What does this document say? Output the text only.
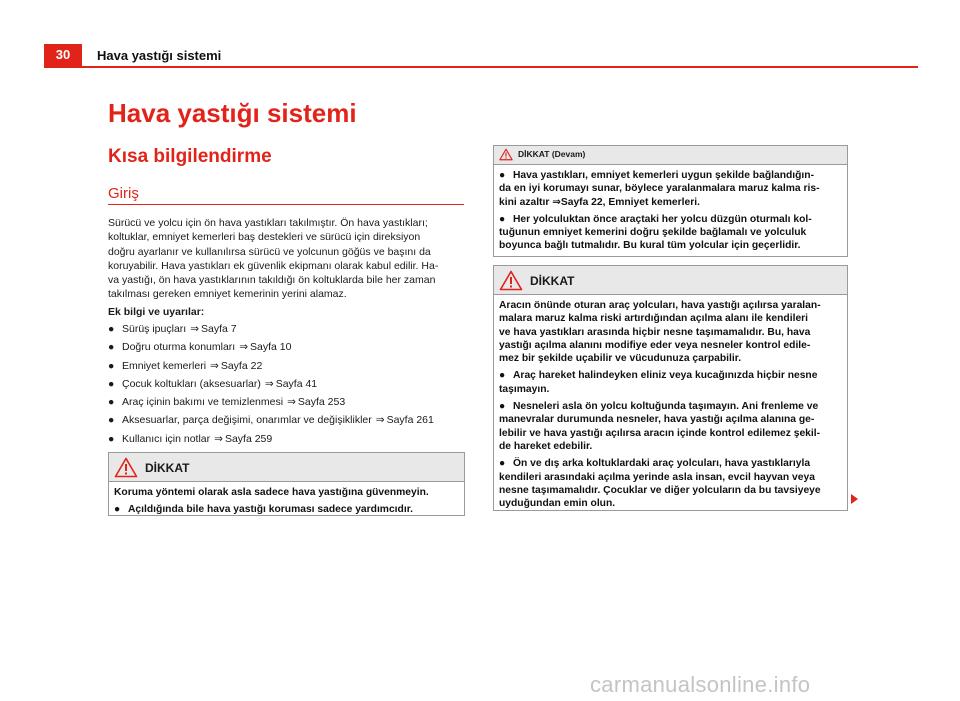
30	Hava yastığı sistemi
Hava yastığı sistemi
Kısa bilgilendirme
Giriş
Sürücü ve yolcu için ön hava yastıkları takılmıştır. Ön hava yastıkları;
koltuklar, emniyet kemerleri baş destekleri ve sürücü için direksiyon
doğru ayarlanır ve kullanılırsa sürücü ve yolcunun göğüs ve başını da
koruyabilir. Hava yastıkları ek güvenlik ekipmanı olarak kabul edilir. Ha-
va yastığı, ön hava yastıklarının takıldığı ön koltuklarda bile her zaman
takılması gereken emniyet kemerinin yerini alamaz.
Ek bilgi ve uyarılar:
● Sürüş ipuçları ⇒ Sayfa 7
● Doğru oturma konumları ⇒ Sayfa 10
● Emniyet kemerleri ⇒ Sayfa 22
● Çocuk koltukları (aksesuarlar) ⇒ Sayfa 41
● Araç içinin bakımı ve temizlenmesi ⇒ Sayfa 253
● Aksesuarlar, parça değişimi, onarımlar ve değişiklikler ⇒ Sayfa 261
● Kullanıcı için notlar ⇒ Sayfa 259
DİKKAT

Koruma yöntemi olarak asla sadece hava yastığına güvenmeyin.

● Açıldığında bile hava yastığı koruması sadece yardımcıdır.

DİKKAT (Devam)

● Hava yastıkları, emniyet kemerleri uygun şekilde bağlandığın-
da en iyi korumayı sunar, böylece yaralanmalara maruz kalma ris-
kini azaltır ⇒Sayfa 22, Emniyet kemerleri.

● Her yolculuktan önce araçtaki her yolcu düzgün oturmalı kol-
tuğunun emniyet kemerini doğru şekilde bağlamalı ve yolculuk
boyunca bağlı tutmalıdır. Bu kural tüm yolcular için geçerlidir.

DİKKAT

Aracın önünde oturan araç yolcuları, hava yastığı açılırsa yaralan-
malara maruz kalma riski artırdığından açılma alanı ile kendileri
ve hava yastıkları arasında hiçbir nesne taşımamalıdır. Bu, hava
yastığı açılma alanını modifiye eder veya nesneler kontrol edile-
mez bir şekilde uçabilir ve vücudunuza çarpabilir.

● Araç hareket halindeyken eliniz veya kucağınızda hiçbir nesne
taşımayın.

● Nesneleri asla ön yolcu koltuğunda taşımayın. Ani frenleme ve
manevralar durumunda nesneler, hava yastığı açılma alanına ge-
lebilir ve hava yastığı açılırsa aracın içinde kontrol edilemez şekil-
de hareket edebilir.

● Ön ve dış arka koltuklardaki araç yolcuları, hava yastıklarıyla
kendileri arasındaki açılma yerinde asla insan, evcil hayvan veya
nesne taşımamalıdır. Çocuklar ve diğer yolcuların da bu tavsiyeye
uyduğundan emin olun.

carmanualsonline.info
